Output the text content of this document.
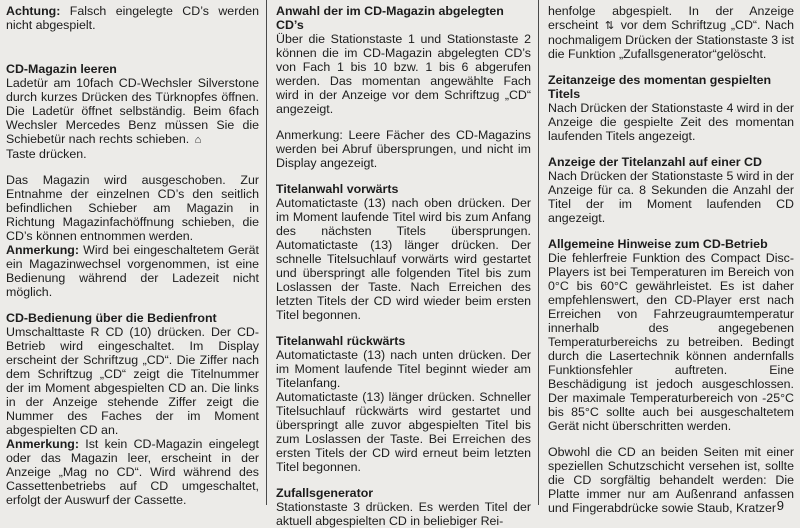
Achtung: Falsch eingelegte CD’s werden nicht abgespielt.

CD-Magazin leeren

Ladetür am 10fach CD-Wechsler Silverstone durch kurzes Drücken des Türknopfes öffnen. Die Ladetür öffnet selbständig. Beim 6fach Wechsler Mercedes Benz müssen Sie die Schiebetür nach rechts schieben. ⌂
Taste drücken.

Das Magazin wird ausgeschoben. Zur Entnahme der einzelnen CD’s den seitlich befindlichen Schieber am Magazin in Richtung Magazinfachöffnung schieben, die CD’s können entnommen werden.

Anmerkung: Wird bei eingeschaltetem Gerät ein Magazinwechsel vorgenommen, ist eine Bedienung während der Ladezeit nicht möglich.

CD-Bedienung über die Bedienfront

Umschalttaste R CD (10) drücken. Der CD-Betrieb wird eingeschaltet. Im Display erscheint der Schriftzug „CD“. Die Ziffer nach dem Schriftzug „CD“ zeigt die Titelnummer der im Moment abgespielten CD an. Die links in der Anzeige stehende Ziffer zeigt die Nummer des Faches der im Moment abgespielten CD an.

Anmerkung: Ist kein CD-Magazin eingelegt oder das Magazin leer, erscheint in der Anzeige „Mag no CD“. Wird während des Cassettenbetriebs auf CD umgeschaltet, erfolgt der Auswurf der Cassette.

Anwahl der im CD-Magazin abgelegten CD’s

Über die Stationstaste 1 und Stationstaste 2 können die im CD-Magazin abgelegten CD’s von Fach 1 bis 10 bzw. 1 bis 6 abgerufen werden. Das momentan angewählte Fach wird in der Anzeige vor dem Schriftzug „CD“ angezeigt.

Anmerkung: Leere Fächer des CD-Magazins werden bei Abruf übersprungen, und nicht im Display angezeigt.

Titelanwahl vorwärts

Automatictaste (13) nach oben drücken. Der im Moment laufende Titel wird bis zum Anfang des nächsten Titels übersprungen. Automatictaste (13) länger drücken. Der schnelle Titelsuchlauf vorwärts wird gestartet und überspringt alle folgenden Titel bis zum Loslassen der Taste. Nach Erreichen des letzten Titels der CD wird wieder beim ersten Titel begonnen.

Titelanwahl rückwärts

Automatictaste (13) nach unten drücken. Der im Moment laufende Titel beginnt wieder am Titelanfang.

Automatictaste (13) länger drücken. Schneller Titelsuchlauf rückwärts wird gestartet und überspringt alle zuvor abgespielten Titel bis zum Loslassen der Taste. Bei Erreichen des ersten Titels der CD wird erneut beim letzten Titel begonnen.

Zufallsgenerator

Stationstaste 3 drücken. Es werden Titel der aktuell abgespielten CD in beliebiger Rei-

henfolge abgespielt. In der Anzeige erscheint ⇅ vor dem Schriftzug „CD“. Nach nochmaligem Drücken der Stationstaste 3 ist die Funktion „Zufallsgenerator“gelöscht.

Zeitanzeige des momentan gespielten Titels

Nach Drücken der Stationstaste 4 wird in der Anzeige die gespielte Zeit des momentan laufenden Titels angezeigt.

Anzeige der Titelanzahl auf einer CD

Nach Drücken der Stationstaste 5 wird in der Anzeige für ca. 8 Sekunden die Anzahl der Titel der im Moment laufenden CD angezeigt.

Allgemeine Hinweise zum CD-Betrieb

Die fehlerfreie Funktion des Compact Disc-Players ist bei Temperaturen im Bereich von 0°C bis 60°C gewährleistet. Es ist daher empfehlenswert, den CD-Player erst nach Erreichen von Fahrzeugraumtemperatur innerhalb des angegebenen Temperaturbereichs zu betreiben. Bedingt durch die Lasertechnik können andernfalls Funktionsfehler auftreten. Eine Beschädigung ist jedoch ausgeschlossen. Der maximale Temperaturbereich von -25°C bis 85°C sollte auch bei ausgeschaltetem Gerät nicht überschritten werden.

Obwohl die CD an beiden Seiten mit einer speziellen Schutzschicht versehen ist, sollte die CD sorgfältig behandelt werden: Die Platte immer nur am Außenrand anfassen und Fingerabdrücke sowie Staub, Kratzer 9
